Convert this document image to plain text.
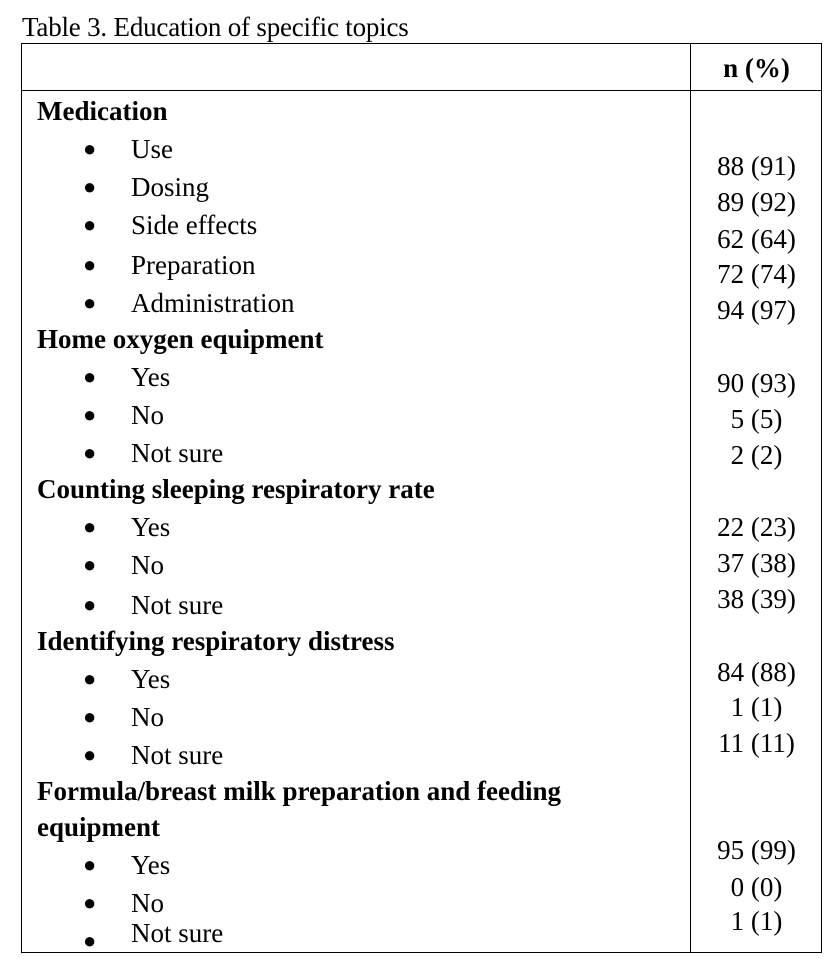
Table 3. Education of specific topics
n (%)
Medication
● Use
● Dosing
● Side effects
● Preparation
● Administration
88 (91)
89 (92)
62 (64)
72 (74)
94 (97)
Home oxygen equipment
● Yes
● No
● Not sure
90 (93)
5 (5)
2 (2)
Counting sleeping respiratory rate
● Yes
● No
● Not sure
22 (23)
37 (38)
38 (39)
Identifying respiratory distress
● Yes
● No
● Not sure
84 (88)
1 (1)
11 (11)
Formula/breast milk preparation and feeding
equipment
● Yes
● No
● Not sure
95 (99)
0 (0)
1 (1)
